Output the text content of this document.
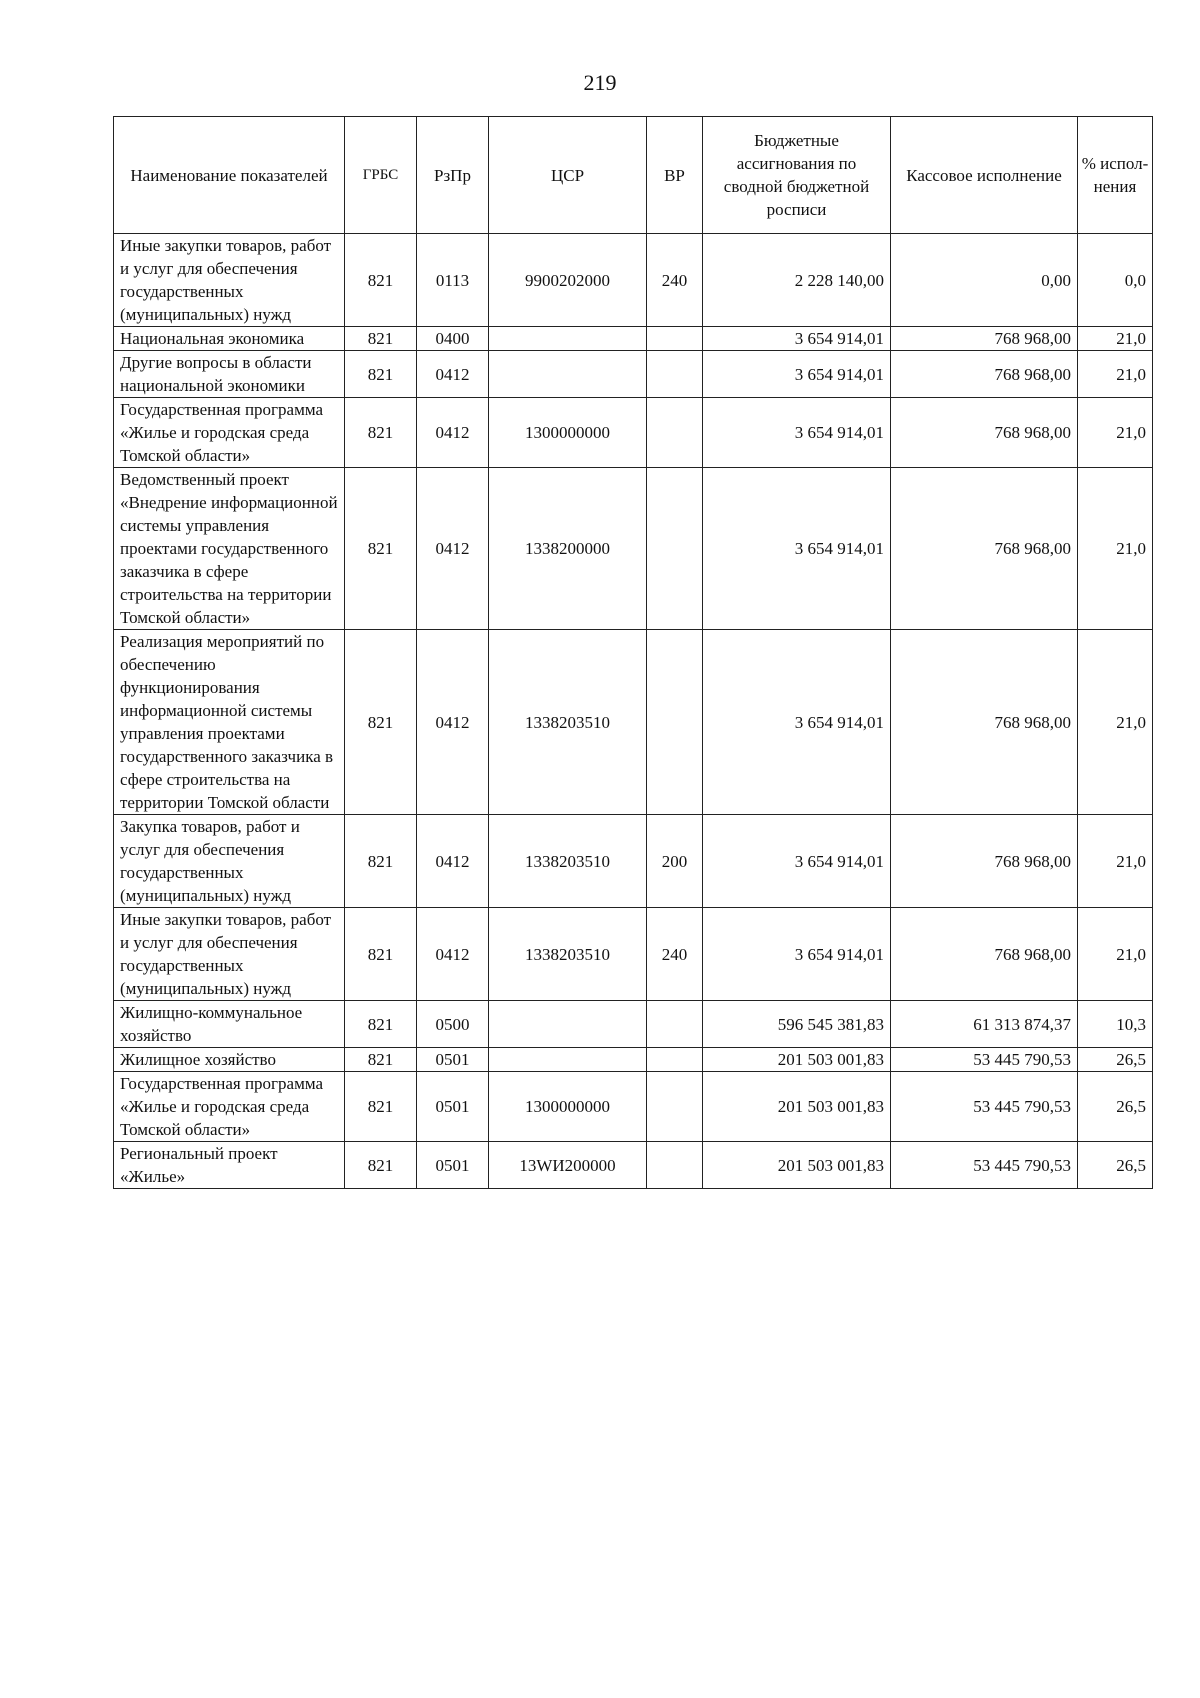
219
Наименование показателей	ГРБС	РзПр	ЦСР	ВР	Бюджетные ассигнования по сводной бюджетной росписи	Кассовое исполнение	% испол-нения
Иные закупки товаров, работ и услуг для обеспечения государственных (муниципальных) нужд	821	0113	9900202000	240	2 228 140,00	0,00	0,0
Национальная экономика	821	0400			3 654 914,01	768 968,00	21,0
Другие вопросы в области национальной экономики	821	0412			3 654 914,01	768 968,00	21,0
Государственная программа «Жилье и городская среда Томской области»	821	0412	1300000000		3 654 914,01	768 968,00	21,0
Ведомственный проект «Внедрение информационной системы управления проектами государственного заказчика в сфере строительства на территории Томской области»	821	0412	1338200000		3 654 914,01	768 968,00	21,0
Реализация мероприятий по обеспечению функционирования информационной системы управления проектами государственного заказчика в сфере строительства на территории Томской области	821	0412	1338203510		3 654 914,01	768 968,00	21,0
Закупка товаров, работ и услуг для обеспечения государственных (муниципальных) нужд	821	0412	1338203510	200	3 654 914,01	768 968,00	21,0
Иные закупки товаров, работ и услуг для обеспечения государственных (муниципальных) нужд	821	0412	1338203510	240	3 654 914,01	768 968,00	21,0
Жилищно-коммунальное хозяйство	821	0500			596 545 381,83	61 313 874,37	10,3
Жилищное хозяйство	821	0501			201 503 001,83	53 445 790,53	26,5
Государственная программа «Жилье и городская среда Томской области»	821	0501	1300000000		201 503 001,83	53 445 790,53	26,5
Региональный проект «Жилье»	821	0501	13WИ200000		201 503 001,83	53 445 790,53	26,5
